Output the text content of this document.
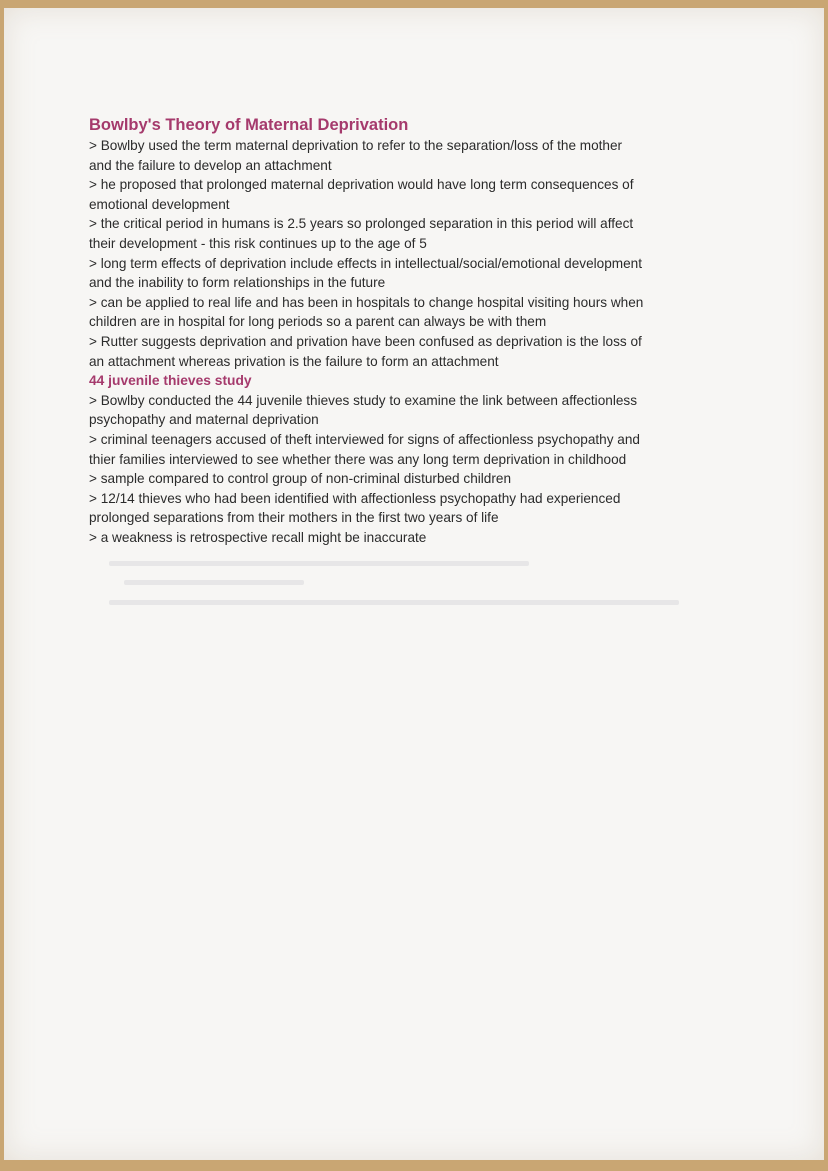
Bowlby's Theory of Maternal Deprivation
> Bowlby used the term maternal deprivation to refer to the separation/loss of the mother
and the failure to develop an attachment
> he proposed that prolonged maternal deprivation would have long term consequences of
emotional development
> the critical period in humans is 2.5 years so prolonged separation in this period will affect
their development - this risk continues up to the age of 5
> long term effects of deprivation include effects in intellectual/social/emotional development
and the inability to form relationships in the future
> can be applied to real life and has been in hospitals to change hospital visiting hours when
children are in hospital for long periods so a parent can always be with them
> Rutter suggests deprivation and privation have been confused as deprivation is the loss of
an attachment whereas privation is the failure to form an attachment
44 juvenile thieves study
> Bowlby conducted the 44 juvenile thieves study to examine the link between affectionless
psychopathy and maternal deprivation
> criminal teenagers accused of theft interviewed for signs of affectionless psychopathy and
thier families interviewed to see whether there was any long term deprivation in childhood
> sample compared to control group of non-criminal disturbed children
> 12/14 thieves who had been identified with affectionless psychopathy had experienced
prolonged separations from their mothers in the first two years of life
> a weakness is retrospective recall might be inaccurate
